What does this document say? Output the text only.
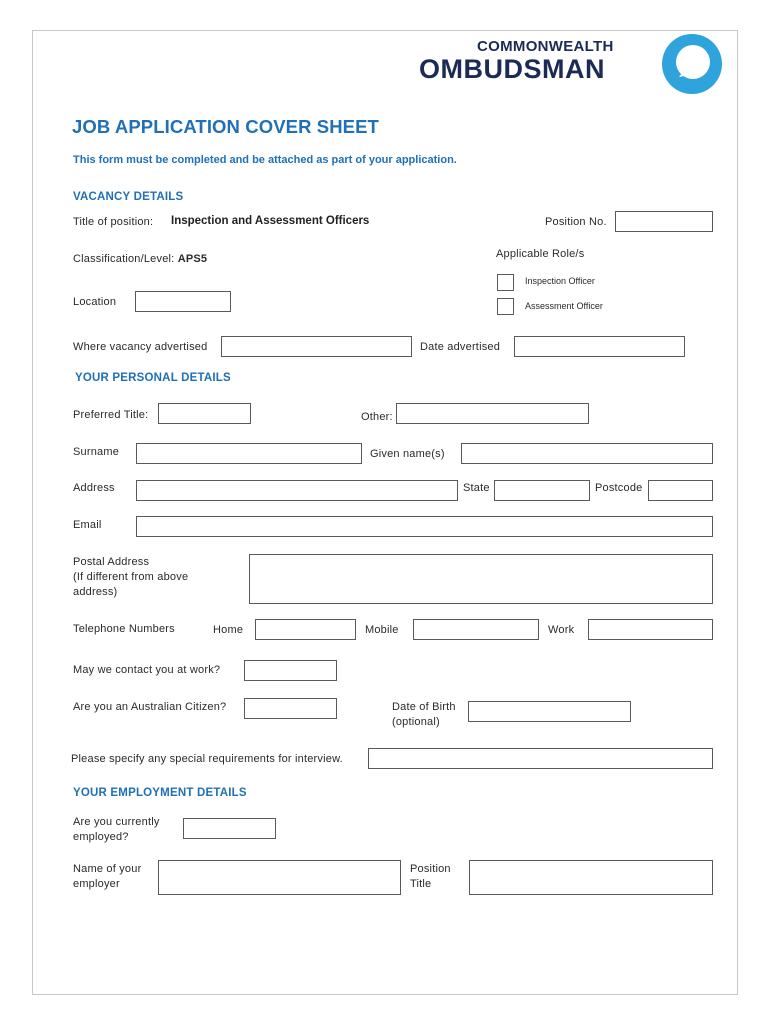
COMMONWEALTH
OMBUDSMAN
JOB APPLICATION COVER SHEET
This form must be completed and be attached as part of your application.
VACANCY DETAILS
Title of position: Inspection and Assessment Officers	Position No.
Applicable Role/s
Classification/Level: APS5
Inspection Officer
Assessment Officer
Location
Where vacancy advertised	Date advertised
YOUR PERSONAL DETAILS
Preferred Title:	Other:
Surname	Given name(s)
Address	State	Postcode
Email
Postal Address
(If different from above
address)
Telephone Numbers	Home	Mobile	Work
May we contact you at work?
Are you an Australian Citizen?	Date of Birth
(optional)
Please specify any special requirements for interview.
YOUR EMPLOYMENT DETAILS
Are you currently
employed?
Name of your
employer
Position
Title
